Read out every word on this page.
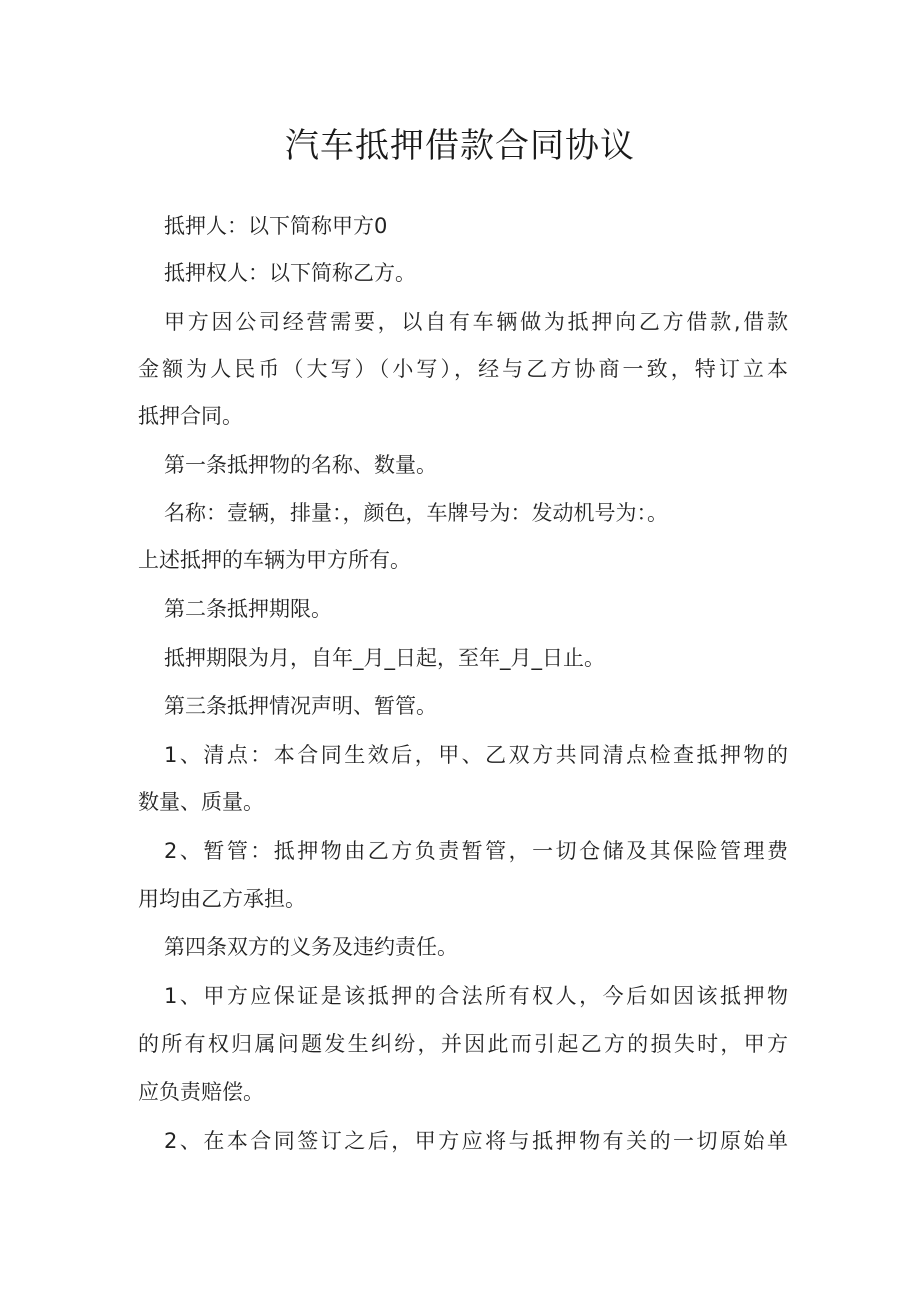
汽车抵押借款合同协议

抵押人：以下简称甲方0

抵押权人：以下简称乙方。

甲方因公司经营需要，以自有车辆做为抵押向乙方借款,借款

金额为人民币（大写）（小写），经与乙方协商一致，特订立本

抵押合同。

第一条抵押物的名称、数量。

名称：壹辆，排量：，颜色，车牌号为：发动机号为：。

上述抵押的车辆为甲方所有。

第二条抵押期限。

抵押期限为月，自年_月_日起，至年_月_日止。

第三条抵押情况声明、暂管。

1、清点：本合同生效后，甲、乙双方共同清点检查抵押物的

数量、质量。

2、暂管：抵押物由乙方负责暂管，一切仓储及其保险管理费

用均由乙方承担。

第四条双方的义务及违约责任。

1、甲方应保证是该抵押的合法所有权人，今后如因该抵押物

的所有权归属问题发生纠纷，并因此而引起乙方的损失时，甲方

应负责赔偿。

2、在本合同签订之后，甲方应将与抵押物有关的一切原始单
